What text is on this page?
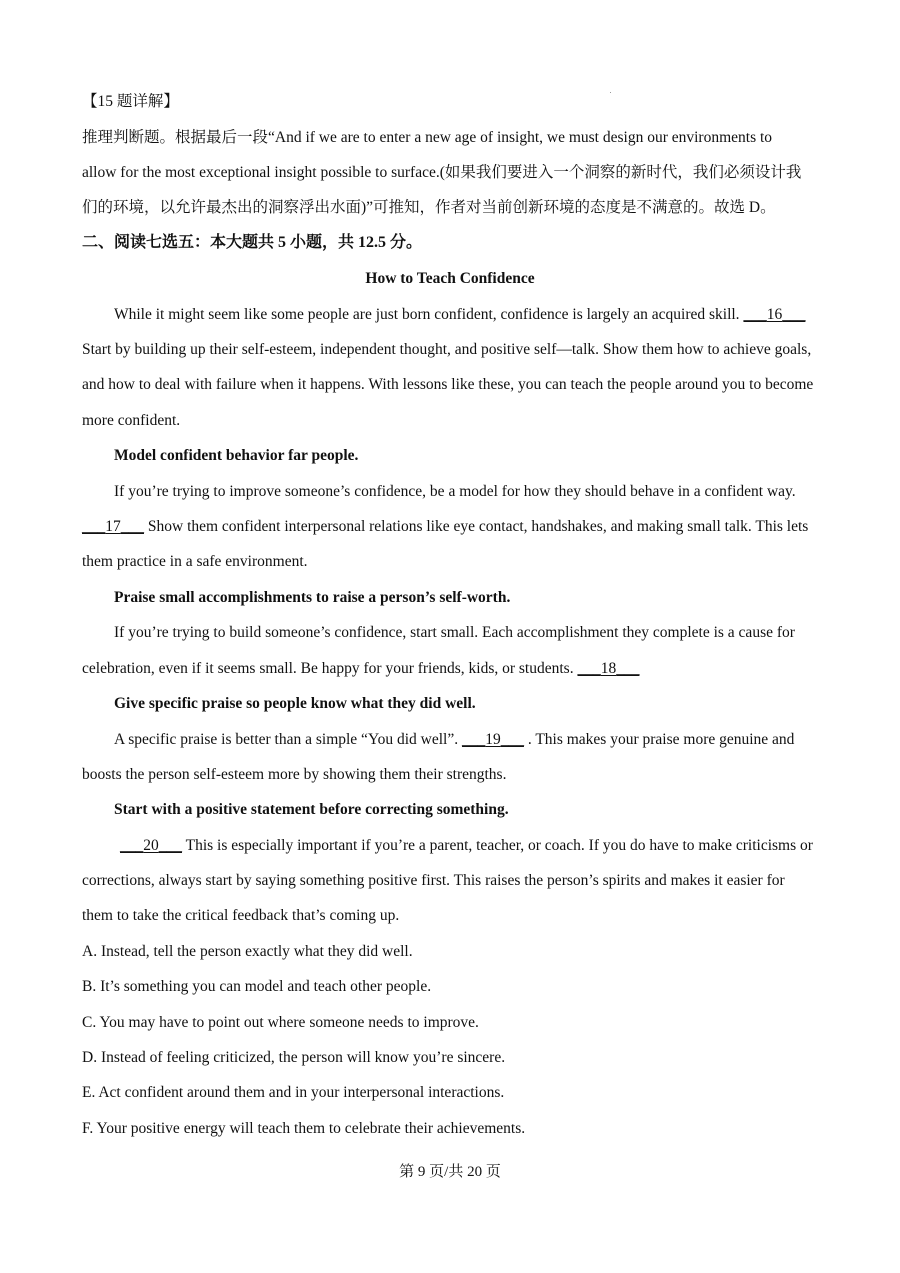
【15 题详解】
推理判断题。根据最后一段“And if we are to enter a new age of insight, we must design our environments to
allow for the most exceptional insight possible to surface.(如果我们要进入一个洞察的新时代，我们必须设计我
们的环境，以允许最杰出的洞察浮出水面)”可推知，作者对当前创新环境的态度是不满意的。故选 D。
二、阅读七选五：本大题共 5 小题，共 12.5 分。
How to Teach Confidence
While it might seem like some people are just born confident, confidence is largely an acquired skill. ___16___
Start by building up their self-esteem, independent thought, and positive self—talk. Show them how to achieve goals,
and how to deal with failure when it happens. With lessons like these, you can teach the people around you to become
more confident.
Model confident behavior far people.
If you’re trying to improve someone’s confidence, be a model for how they should behave in a confident way.
___17___ Show them confident interpersonal relations like eye contact, handshakes, and making small talk. This lets
them practice in a safe environment.
Praise small accomplishments to raise a person’s self-worth.
If you’re trying to build someone’s confidence, start small. Each accomplishment they complete is a cause for
celebration, even if it seems small. Be happy for your friends, kids, or students. ___18___
Give specific praise so people know what they did well.
A specific praise is better than a simple “You did well”. ___19___ . This makes your praise more genuine and
boosts the person self-esteem more by showing them their strengths.
Start with a positive statement before correcting something.
___20___ This is especially important if you’re a parent, teacher, or coach. If you do have to make criticisms or
corrections, always start by saying something positive first. This raises the person’s spirits and makes it easier for
them to take the critical feedback that’s coming up.
A. Instead, tell the person exactly what they did well.
B. It’s something you can model and teach other people.
C. You may have to point out where someone needs to improve.
D. Instead of feeling criticized, the person will know you’re sincere.
E. Act confident around them and in your interpersonal interactions.
F. Your positive energy will teach them to celebrate their achievements.
第 9 页/共 20 页
